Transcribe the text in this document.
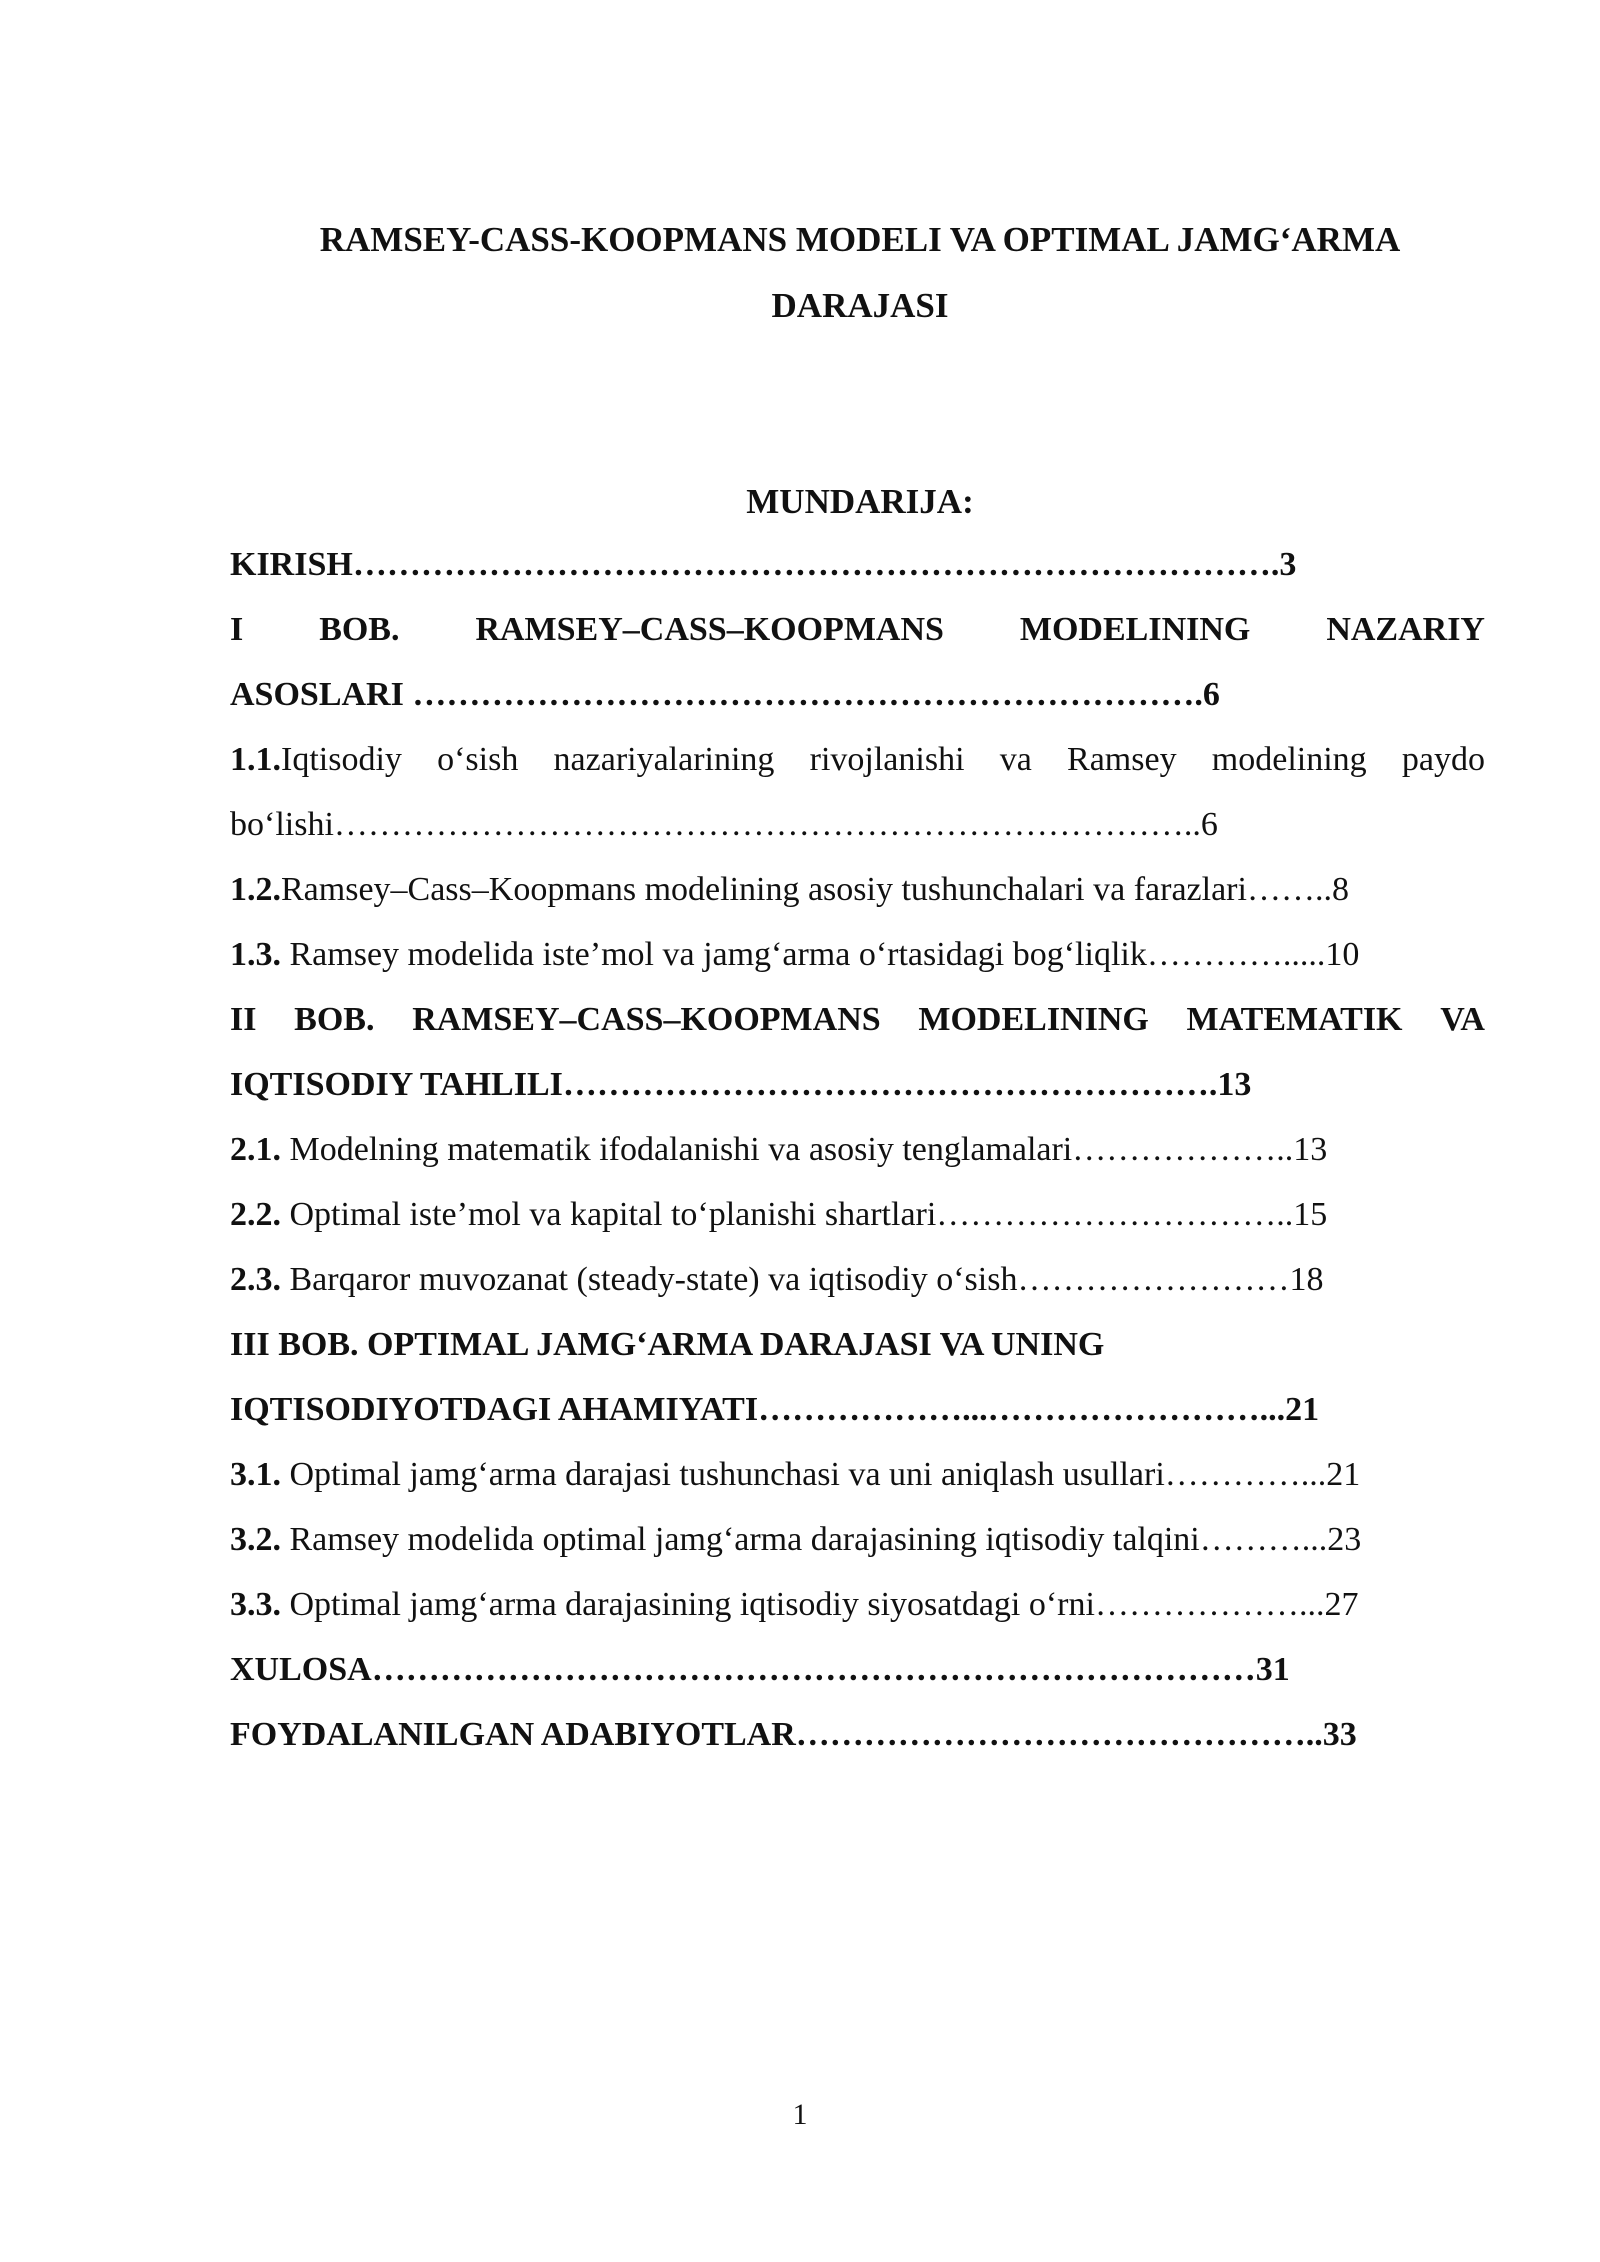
RAMSEY-CASS-KOOPMANS MODELI VA OPTIMAL JAMG‘ARMA
DARAJASI
MUNDARIJA:
KIRISH……………………………………………………………………….3
I BOB. RAMSEY–CASS–KOOPMANS MODELINING NAZARIY
ASOSLARI …………………………………………………………….6
1.1.Iqtisodiy o‘sish nazariyalarining rivojlanishi va Ramsey modelining paydo
bo‘lishi…………………………………………………………………..6
1.2.Ramsey–Cass–Koopmans modelining asosiy tushunchalari va farazlari……..8
1.3. Ramsey modelida iste’mol va jamg‘arma o‘rtasidagi bog‘liqlik………….....10
II BOB. RAMSEY–CASS–KOOPMANS MODELINING MATEMATIK VA
IQTISODIY TAHLILI………………………………………………….13
2.1. Modelning matematik ifodalanishi va asosiy tenglamalari………………..13
2.2. Optimal iste’mol va kapital to‘planishi shartlari…………………………..15
2.3. Barqaror muvozanat (steady-state) va iqtisodiy o‘sish……………………18
III BOB. OPTIMAL JAMG‘ARMA DARAJASI VA UNING
IQTISODIYOTDAGI AHAMIYATI………………...……………………...21
3.1. Optimal jamg‘arma darajasi tushunchasi va uni aniqlash usullari…………...21
3.2. Ramsey modelida optimal jamg‘arma darajasining iqtisodiy talqini………...23
3.3. Optimal jamg‘arma darajasining iqtisodiy siyosatdagi o‘rni………………...27
XULOSA……………………………………………………………………31
FOYDALANILGAN ADABIYOTLAR………………………………………..33
1
